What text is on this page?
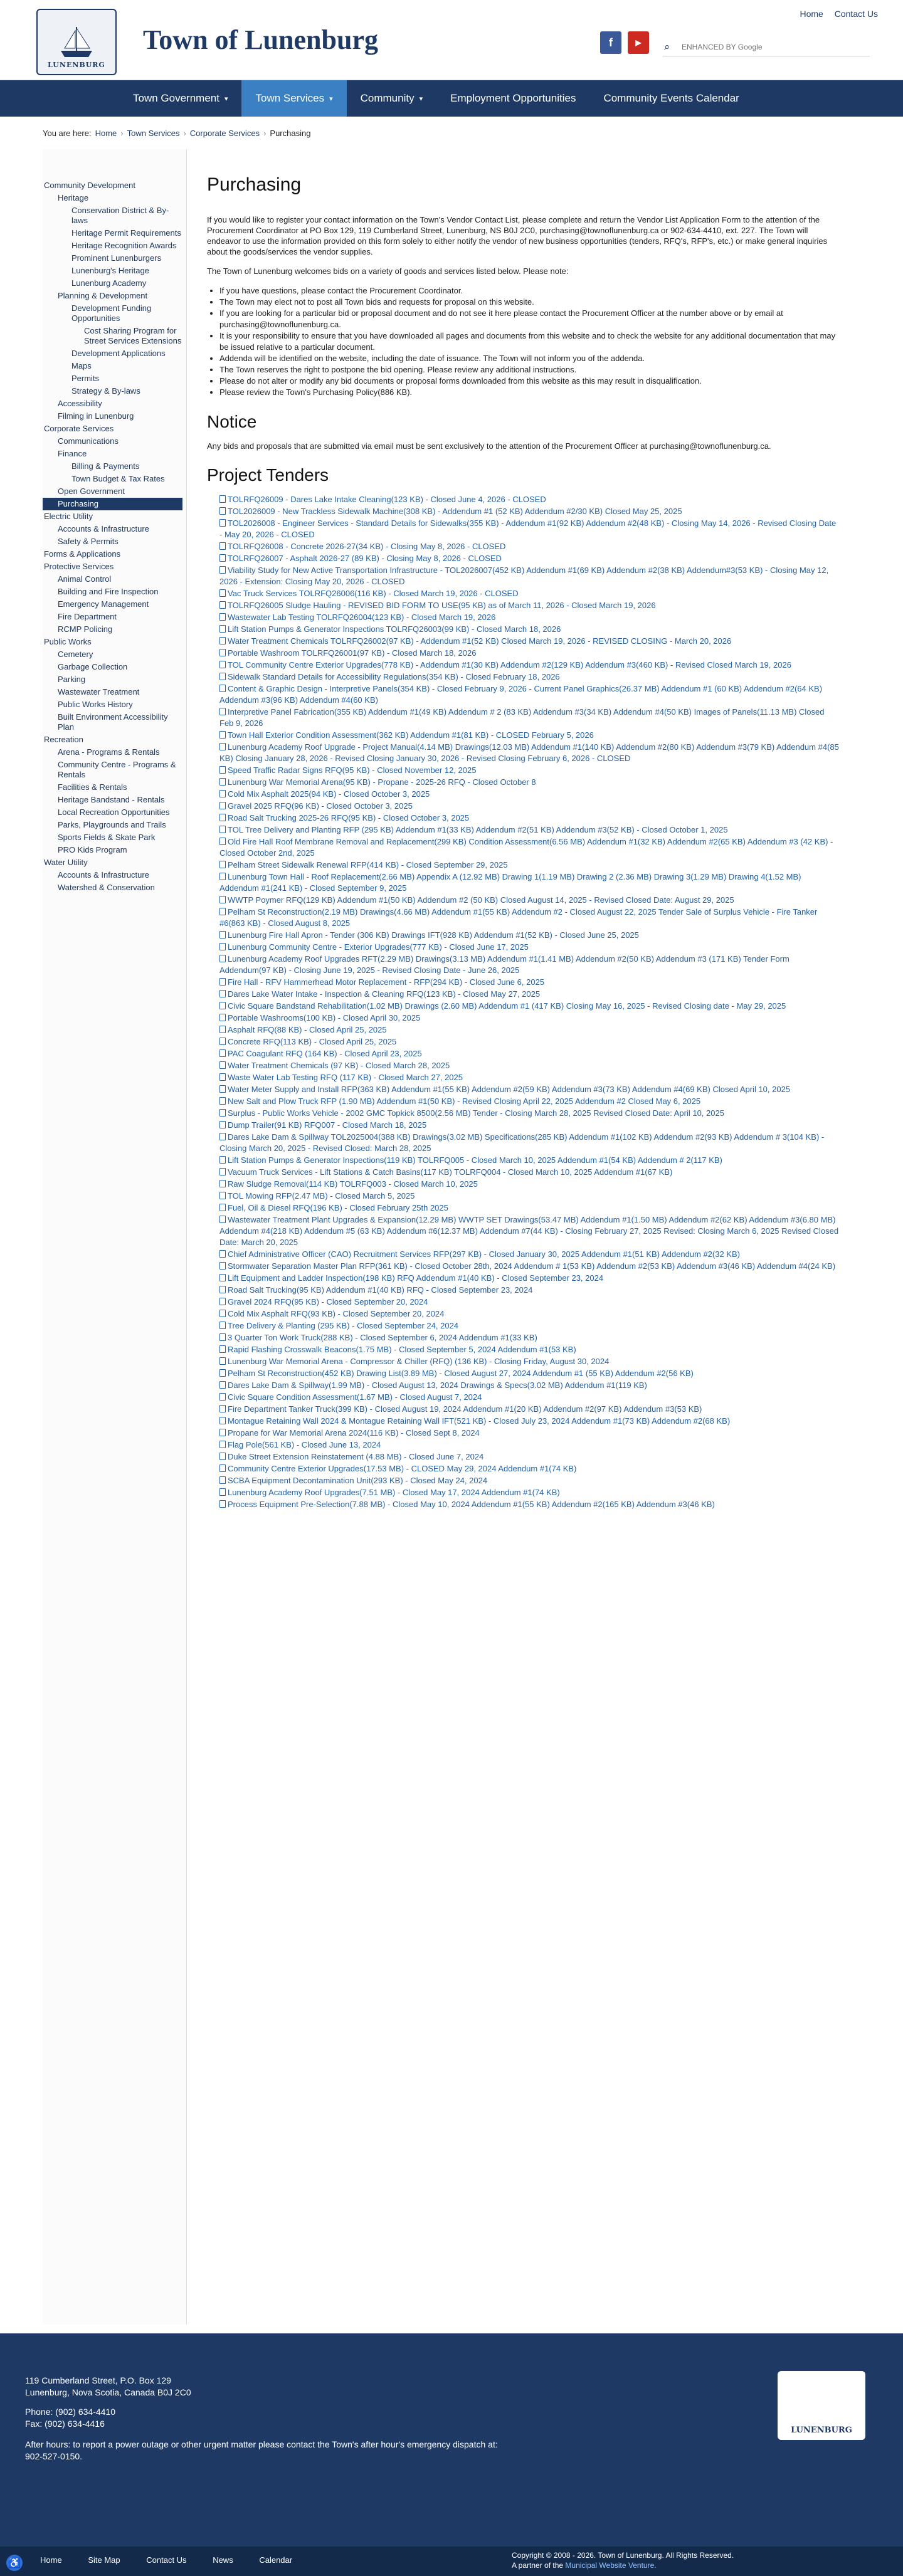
LUNENBURG
Town of Lunenburg
Home Contact Us
f	▶	⌕
ENHANCED BY Google
Town Government ▾	Town Services ▾	Community ▾	Employment Opportunities	Community Events Calendar
You are here: Home › Town Services › Corporate Services › Purchasing
Community Development
Heritage
Conservation District & By-laws
Heritage Permit Requirements
Heritage Recognition Awards
Prominent Lunenburgers
Lunenburg's Heritage
Lunenburg Academy
Planning & Development
Development Funding Opportunities
Cost Sharing Program for Street Services Extensions
Development Applications
Maps
Permits
Strategy & By-laws
Accessibility
Filming in Lunenburg
Corporate Services
Communications
Finance
Billing & Payments
Town Budget & Tax Rates
Open Government
Purchasing
Electric Utility
Accounts & Infrastructure
Safety & Permits
Forms & Applications
Protective Services
Animal Control
Building and Fire Inspection
Emergency Management
Fire Department
RCMP Policing
Public Works
Cemetery
Garbage Collection
Parking
Wastewater Treatment
Public Works History
Built Environment Accessibility Plan
Recreation
Arena - Programs & Rentals
Community Centre - Programs & Rentals
Facilities & Rentals
Heritage Bandstand - Rentals
Local Recreation Opportunities
Parks, Playgrounds and Trails
Sports Fields & Skate Park
PRO Kids Program
Water Utility
Accounts & Infrastructure
Watershed & Conservation
Purchasing

If you would like to register your contact information on the Town's Vendor Contact List, please complete and return the Vendor List Application Form to the attention of the Procurement Coordinator at PO Box 129, 119 Cumberland Street, Lunenburg, NS B0J 2C0, purchasing@townoflunenburg.ca or 902-634-4410, ext. 227. The Town will endeavor to use the information provided on this form solely to either notify the vendor of new business opportunities (tenders, RFQ's, RFP's, etc.) or make general inquiries about the goods/services the vendor supplies.

The Town of Lunenburg welcomes bids on a variety of goods and services listed below. Please note:

• If you have questions, please contact the Procurement Coordinator.
• The Town may elect not to post all Town bids and requests for proposal on this website.
• If you are looking for a particular bid or proposal document and do not see it here please contact the Procurement Officer at the number above or by email at purchasing@townoflunenburg.ca.
• It is your responsibility to ensure that you have downloaded all pages and documents from this website and to check the website for any additional documentation that may be issued relative to a particular document.
• Addenda will be identified on the website, including the date of issuance. The Town will not inform you of the addenda.
• The Town reserves the right to postpone the bid opening. Please review any additional instructions.
• Please do not alter or modify any bid documents or proposal forms downloaded from this website as this may result in disqualification.
• Please review the Town's Purchasing Policy(886 KB).
Notice

Any bids and proposals that are submitted via email must be sent exclusively to the attention of the Procurement Officer at purchasing@townoflunenburg.ca.

Project Tenders
TOLRFQ26009 - Dares Lake Intake Cleaning(123 KB) - Closed June 4, 2026 - CLOSED
TOL2026009 - New Trackless Sidewalk Machine(308 KB) - Addendum #1 (52 KB) Addendum #2/30 KB) Closed May 25, 2025
TOL2026008 - Engineer Services - Standard Details for Sidewalks(355 KB) - Addendum #1(92 KB) Addendum #2(48 KB) - Closing May 14, 2026 - Revised Closing Date - May 20, 2026 - CLOSED
TOLRFQ26008 - Concrete 2026-27(34 KB) - Closing May 8, 2026 - CLOSED
TOLRFQ26007 - Asphalt 2026-27 (89 KB) - Closing May 8, 2026 - CLOSED
Viability Study for New Active Transportation Infrastructure - TOL2026007(452 KB) Addendum #1(69 KB) Addendum #2(38 KB) Addendum#3(53 KB) - Closing May 12, 2026 - Extension: Closing May 20, 2026 - CLOSED
Vac Truck Services TOLRFQ26006(116 KB) - Closed March 19, 2026 - CLOSED
TOLRFQ26005 Sludge Hauling - REVISED BID FORM TO USE(95 KB) as of March 11, 2026 - Closed March 19, 2026
Wastewater Lab Testing TOLRFQ26004(123 KB) - Closed March 19, 2026
Lift Station Pumps & Generator Inspections TOLRFQ26003(99 KB) - Closed March 18, 2026
Water Treatment Chemicals TOLRFQ26002(97 KB) - Addendum #1(52 KB) Closed March 19, 2026 - REVISED CLOSING - March 20, 2026
Portable Washroom TOLRFQ26001(97 KB) - Closed March 18, 2026
TOL Community Centre Exterior Upgrades(778 KB) - Addendum #1(30 KB) Addendum #2(129 KB) Addendum #3(460 KB) - Revised Closed March 19, 2026
Sidewalk Standard Details for Accessibility Regulations(354 KB) - Closed February 18, 2026
Content & Graphic Design - Interpretive Panels(354 KB) - Closed February 9, 2026 - Current Panel Graphics(26.37 MB) Addendum #1 (60 KB) Addendum #2(64 KB) Addendum #3(96 KB) Addendum #4(60 KB)
Interpretive Panel Fabrication(355 KB) Addendum #1(49 KB) Addendum # 2 (83 KB) Addendum #3(34 KB) Addendum #4(50 KB) Images of Panels(11.13 MB) Closed Feb 9, 2026
Town Hall Exterior Condition Assessment(362 KB) Addendum #1(81 KB) - CLOSED February 5, 2026
Lunenburg Academy Roof Upgrade - Project Manual(4.14 MB) Drawings(12.03 MB) Addendum #1(140 KB) Addendum #2(80 KB) Addendum #3(79 KB) Addendum #4(85 KB) Closing January 28, 2026 - Revised Closing January 30, 2026 - Revised Closing February 6, 2026 - CLOSED
Speed Traffic Radar Signs RFQ(95 KB) - Closed November 12, 2025
Lunenburg War Memorial Arena(95 KB) - Propane - 2025-26 RFQ - Closed October 8
Cold Mix Asphalt 2025(94 KB) - Closed October 3, 2025
Gravel 2025 RFQ(96 KB) - Closed October 3, 2025
Road Salt Trucking 2025-26 RFQ(95 KB) - Closed October 3, 2025
TOL Tree Delivery and Planting RFP (295 KB) Addendum #1(33 KB) Addendum #2(51 KB) Addendum #3(52 KB) - Closed October 1, 2025
Old Fire Hall Roof Membrane Removal and Replacement(299 KB) Condition Assessment(6.56 MB) Addendum #1(32 KB) Addendum #2(65 KB) Addendum #3 (42 KB) - Closed October 2nd, 2025
Pelham Street Sidewalk Renewal RFP(414 KB) - Closed September 29, 2025
Lunenburg Town Hall - Roof Replacement(2.66 MB) Appendix A (12.92 MB) Drawing 1(1.19 MB) Drawing 2 (2.36 MB) Drawing 3(1.29 MB) Drawing 4(1.52 MB) Addendum #1(241 KB) - Closed September 9, 2025
WWTP Poymer RFQ(129 KB) Addendum #1(50 KB) Addendum #2 (50 KB) Closed August 14, 2025 - Revised Closed Date: August 29, 2025
Pelham St Reconstruction(2.19 MB) Drawings(4.66 MB) Addendum #1(55 KB) Addendum #2 - Closed August 22, 2025 Tender Sale of Surplus Vehicle - Fire Tanker #6(863 KB) - Closed August 8, 2025
Lunenburg Fire Hall Apron - Tender (306 KB) Drawings IFT(928 KB) Addendum #1(52 KB) - Closed June 25, 2025
Lunenburg Community Centre - Exterior Upgrades(777 KB) - Closed June 17, 2025
Lunenburg Academy Roof Upgrades RFT(2.29 MB) Drawings(3.13 MB) Addendum #1(1.41 MB) Addendum #2(50 KB) Addendum #3 (171 KB) Tender Form Addendum(97 KB) - Closing June 19, 2025 - Revised Closing Date - June 26, 2025
Fire Hall - RFV Hammerhead Motor Replacement - RFP(294 KB) - Closed June 6, 2025
Dares Lake Water Intake - Inspection & Cleaning RFQ(123 KB) - Closed May 27, 2025
Civic Square Bandstand Rehabilitation(1.02 MB) Drawings (2.60 MB) Addendum #1 (417 KB) Closing May 16, 2025 - Revised Closing date - May 29, 2025
Portable Washrooms(100 KB) - Closed April 30, 2025
Asphalt RFQ(88 KB) - Closed April 25, 2025
Concrete RFQ(113 KB) - Closed April 25, 2025
PAC Coagulant RFQ (164 KB) - Closed April 23, 2025
Water Treatment Chemicals (97 KB) - Closed March 28, 2025
Waste Water Lab Testing RFQ (117 KB) - Closed March 27, 2025
Water Meter Supply and Install RFP(363 KB) Addendum #1(55 KB) Addendum #2(59 KB) Addendum #3(73 KB) Addendum #4(69 KB) Closed April 10, 2025
New Salt and Plow Truck RFP (1.90 MB) Addendum #1(50 KB) - Revised Closing April 22, 2025 Addendum #2 Closed May 6, 2025
Surplus - Public Works Vehicle - 2002 GMC Topkick 8500(2.56 MB) Tender - Closing March 28, 2025 Revised Closed Date: April 10, 2025
Dump Trailer(91 KB) RFQ007 - Closed March 18, 2025
Dares Lake Dam & Spillway TOL2025004(388 KB) Drawings(3.02 MB) Specifications(285 KB) Addendum #1(102 KB) Addendum #2(93 KB) Addendum # 3(104 KB) - Closing March 20, 2025 - Revised Closed: March 28, 2025
Lift Station Pumps & Generator Inspections(119 KB) TOLRFQ005 - Closed March 10, 2025 Addendum #1(54 KB) Addendum # 2(117 KB)
Vacuum Truck Services - Lift Stations & Catch Basins(117 KB) TOLRFQ004 - Closed March 10, 2025 Addendum #1(67 KB)
Raw Sludge Removal(114 KB) TOLRFQ003 - Closed March 10, 2025
TOL Mowing RFP(2.47 MB) - Closed March 5, 2025
Fuel, Oil & Diesel RFQ(196 KB) - Closed February 25th 2025
Wastewater Treatment Plant Upgrades & Expansion(12.29 MB) WWTP SET Drawings(53.47 MB) Addendum #1(1.50 MB) Addendum #2(62 KB) Addendum #3(6.80 MB) Addendum #4(218 KB) Addendum #5 (63 KB) Addendum #6(12.37 MB) Addendum #7(44 KB) - Closing February 27, 2025 Revised: Closing March 6, 2025 Revised Closed Date: March 20, 2025
Chief Administrative Officer (CAO) Recruitment Services RFP(297 KB) - Closed January 30, 2025 Addendum #1(51 KB) Addendum #2(32 KB)
Stormwater Separation Master Plan RFP(361 KB) - Closed October 28th, 2024 Addendum # 1(53 KB) Addendum #2(53 KB) Addendum #3(46 KB) Addendum #4(24 KB)
Lift Equipment and Ladder Inspection(198 KB) RFQ Addendum #1(40 KB) - Closed September 23, 2024
Road Salt Trucking(95 KB) Addendum #1(40 KB) RFQ - Closed September 23, 2024
Gravel 2024 RFQ(95 KB) - Closed September 20, 2024
Cold Mix Asphalt RFQ(93 KB) - Closed September 20, 2024
Tree Delivery & Planting (295 KB) - Closed September 24, 2024
3 Quarter Ton Work Truck(288 KB) - Closed September 6, 2024 Addendum #1(33 KB)
Rapid Flashing Crosswalk Beacons(1.75 MB) - Closed September 5, 2024 Addendum #1(53 KB)
Lunenburg War Memorial Arena - Compressor & Chiller (RFQ) (136 KB) - Closing Friday, August 30, 2024
Pelham St Reconstruction(452 KB) Drawing List(3.89 MB) - Closed August 27, 2024 Addendum #1 (55 KB) Addendum #2(56 KB)
Dares Lake Dam & Spillway(1.99 MB) - Closed August 13, 2024 Drawings & Specs(3.02 MB) Addendum #1(119 KB)
Civic Square Condition Assessment(1.67 MB) - Closed August 7, 2024
Fire Department Tanker Truck(399 KB) - Closed August 19, 2024 Addendum #1(20 KB) Addendum #2(97 KB) Addendum #3(53 KB)
Montague Retaining Wall 2024 & Montague Retaining Wall IFT(521 KB) - Closed July 23, 2024 Addendum #1(73 KB) Addendum #2(68 KB)
Propane for War Memorial Arena 2024(116 KB) - Closed Sept 8, 2024
Flag Pole(561 KB) - Closed June 13, 2024
Duke Street Extension Reinstatement (4.88 MB) - Closed June 7, 2024
Community Centre Exterior Upgrades(17.53 MB) - CLOSED May 29, 2024 Addendum #1(74 KB)
SCBA Equipment Decontamination Unit(293 KB) - Closed May 24, 2024
Lunenburg Academy Roof Upgrades(7.51 MB) - Closed May 17, 2024 Addendum #1(74 KB)
Process Equipment Pre-Selection(7.88 MB) - Closed May 10, 2024 Addendum #1(55 KB) Addendum #2(165 KB) Addendum #3(46 KB)
119 Cumberland Street, P.O. Box 129
Lunenburg, Nova Scotia, Canada B0J 2C0
Phone: (902) 634-4410
Fax: (902) 634-4416
After hours: to report a power outage or other urgent matter please contact the Town's after hour's emergency dispatch at: 902-527-0150.
LUNENBURG
Home	Site Map	Contact Us	News	Calendar	Copyright © 2008 - 2026. Town of Lunenburg. All Rights Reserved.
A partner of the Municipal Website Venture.
♿
